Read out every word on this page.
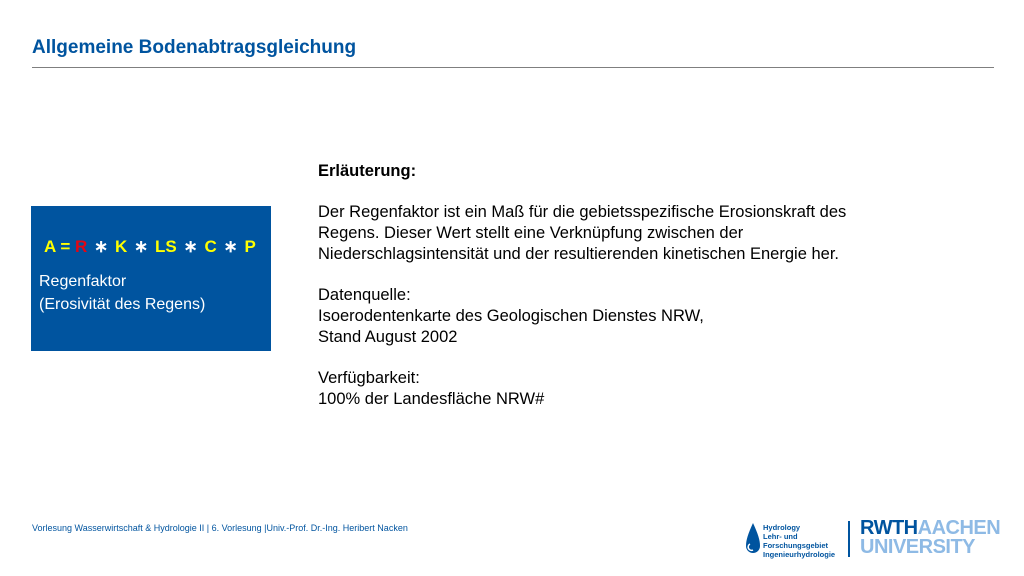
Allgemeine Bodenabtragsgleichung
A = R ∗ K ∗ LS ∗ C ∗ P
Regenfaktor
(Erosivität des Regens)
Erläuterung:
Der Regenfaktor ist ein Maß für die gebietsspezifische Erosionskraft des
Regens. Dieser Wert stellt eine Verknüpfung zwischen der
Niederschlagsintensität und der resultierenden kinetischen Energie her.
Datenquelle:
Isoerodentenkarte des Geologischen Dienstes NRW,
Stand August 2002
Verfügbarkeit:
100% der Landesfläche NRW#
Vorlesung Wasserwirtschaft & Hydrologie II | 6. Vorlesung |Univ.-Prof. Dr.-Ing. Heribert Nacken	Hydrology
Lehr- und
Forschungsgebiet
Ingenieurhydrologie
RWTHAACHEN
UNIVERSITY
